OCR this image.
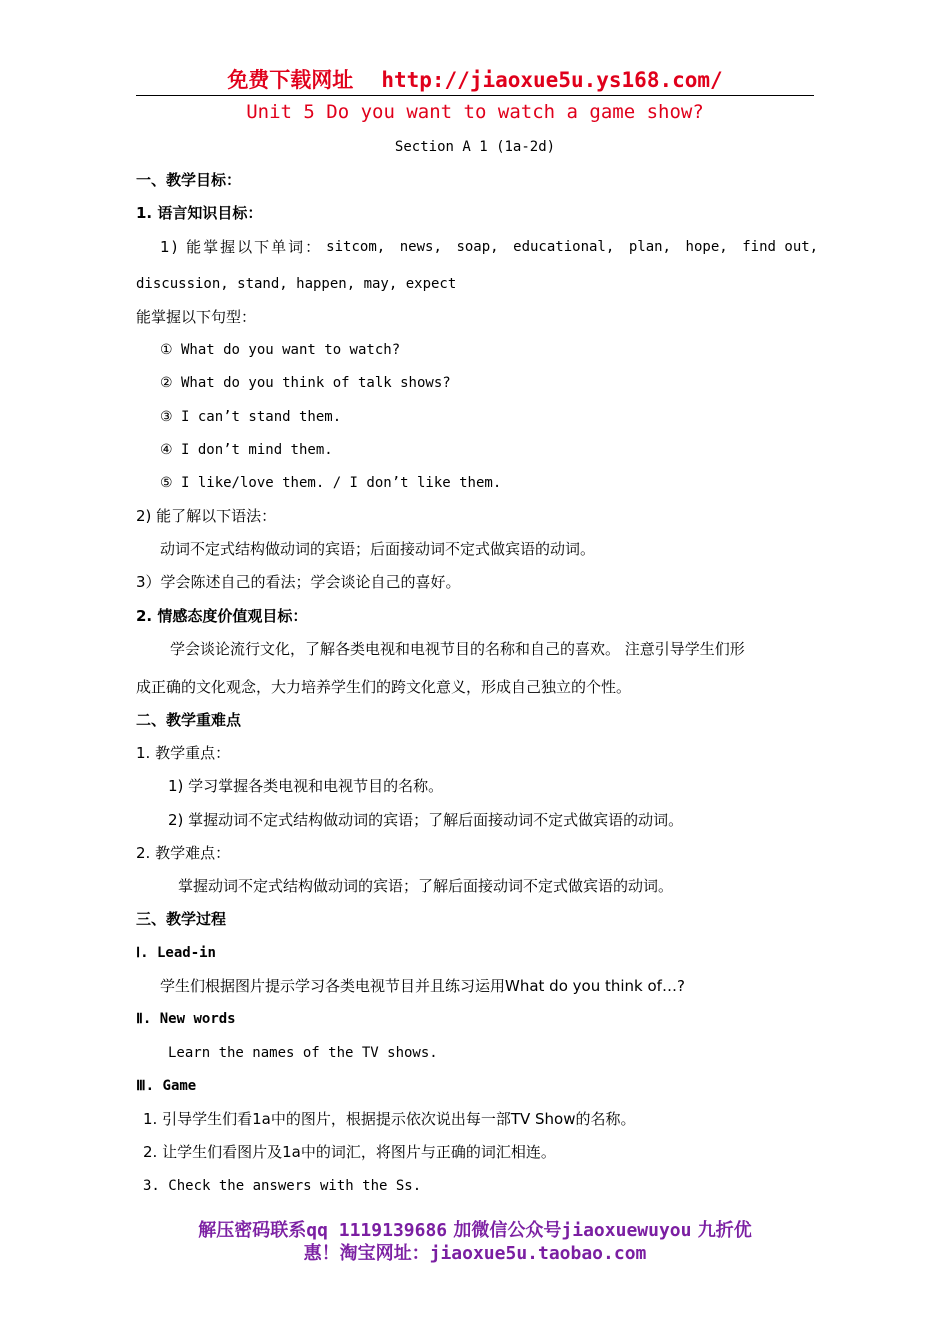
免费下载网址 http://jiaoxue5u.ys168.com/
Unit 5 Do you want to watch a game show?
Section A 1 (1a-2d)
一、教学目标：
1. 语言知识目标：
1) 能掌握以下单词： sitcom, news, soap, educational, plan, hope, find out,
discussion, stand, happen, may, expect
能掌握以下句型：
① What do you want to watch?
② What do you think of talk shows?
③ I can’t stand them.
④ I don’t mind them.
⑤ I like/love them. / I don’t like them.
2) 能了解以下语法：
动词不定式结构做动词的宾语；后面接动词不定式做宾语的动词。
3）学会陈述自己的看法；学会谈论自己的喜好。
2. 情感态度价值观目标：
学会谈论流行文化，了解各类电视和电视节目的名称和自己的喜欢。 注意引导学生们形
成正确的文化观念，大力培养学生们的跨文化意义，形成自己独立的个性。
二、教学重难点
1. 教学重点：
1) 学习掌握各类电视和电视节目的名称。
2) 掌握动词不定式结构做动词的宾语；了解后面接动词不定式做宾语的动词。
2. 教学难点：
掌握动词不定式结构做动词的宾语；了解后面接动词不定式做宾语的动词。
三、教学过程
Ⅰ. Lead-in
学生们根据图片提示学习各类电视节目并且练习运用What do you think of…?
Ⅱ. New words
Learn the names of the TV shows.
Ⅲ. Game
1. 引导学生们看1a中的图片，根据提示依次说出每一部TV Show的名称。
2. 让学生们看图片及1a中的词汇，将图片与正确的词汇相连。
3. Check the answers with the Ss.
解压密码联系qq 1119139686 加微信公众号jiaoxuewuyou 九折优
惠！淘宝网址：jiaoxue5u.taobao.com
